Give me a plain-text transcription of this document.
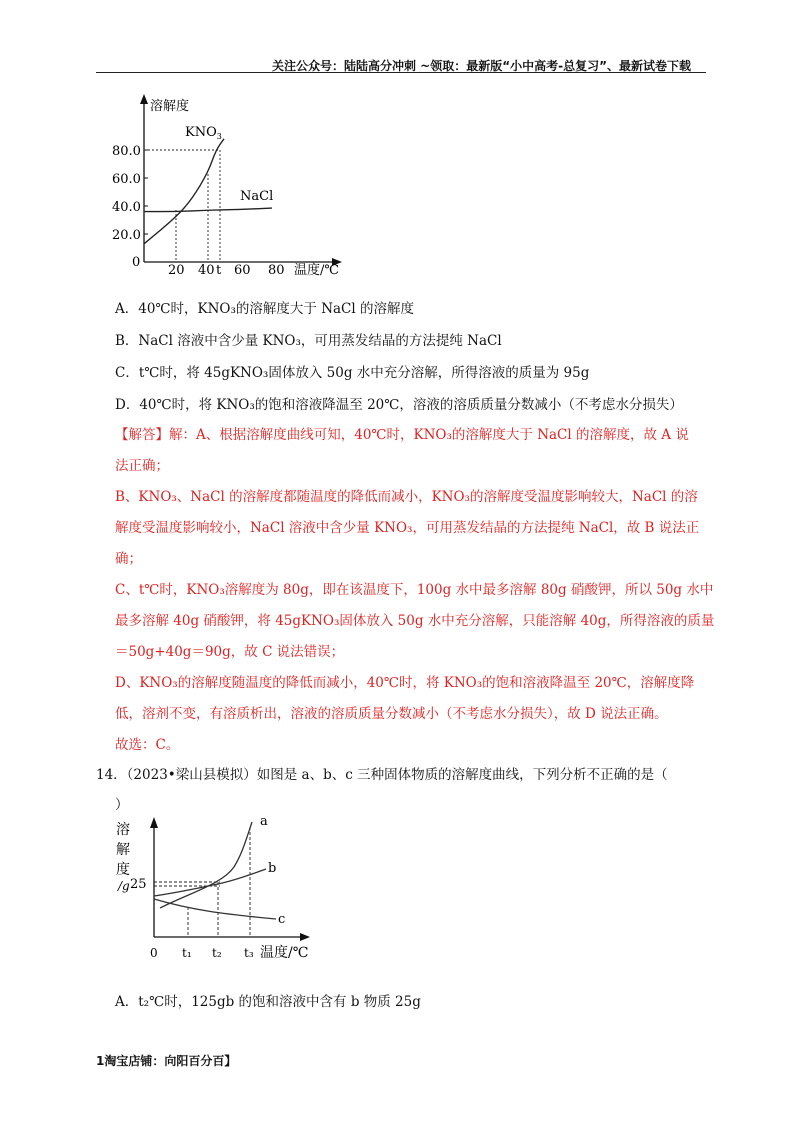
关注公众号：陆陆高分冲刺 ~领取：最新版“小中高考-总复习”、最新试卷下载
溶解度
80.0
60.0
40.0
20.0
0
20 40 t 60 80 温度/℃
$KNO_3$
NaCl
A．40℃时，KNO₃的溶解度大于 NaCl 的溶解度
B．NaCl 溶液中含少量 KNO₃，可用蒸发结晶的方法提纯 NaCl
C．t℃时，将 45gKNO₃固体放入 50g 水中充分溶解，所得溶液的质量为 95g
D．40℃时，将 KNO₃的饱和溶液降温至 20℃，溶液的溶质质量分数减小（不考虑水分损失）
【解答】解：A、根据溶解度曲线可知，40℃时，KNO₃的溶解度大于 NaCl 的溶解度，故 A 说
法正确；
B、KNO₃、NaCl 的溶解度都随温度的降低而减小，KNO₃的溶解度受温度影响较大，NaCl 的溶
解度受温度影响较小，NaCl 溶液中含少量 KNO₃，可用蒸发结晶的方法提纯 NaCl，故 B 说法正
确；
C、t℃时，KNO₃溶解度为 80g，即在该温度下，100g 水中最多溶解 80g 硝酸钾，所以 50g 水中
最多溶解 40g 硝酸钾，将 45gKNO₃固体放入 50g 水中充分溶解，只能溶解 40g，所得溶液的质量
＝50g+40g＝90g，故 C 说法错误；
D、KNO₃的溶解度随温度的降低而减小，40℃时，将 KNO₃的饱和溶液降温至 20℃，溶解度降
低，溶剂不变，有溶质析出，溶液的溶质质量分数减小（不考虑水分损失），故 D 说法正确。
故选：C。
14．（2023•梁山县模拟）如图是 a、b、c 三种固体物质的溶解度曲线，下列分析不正确的是（
）
溶
解
度
/g 25
0 t₁ t₂ t₃ 温度/℃
a
b
c
A．t₂℃时，125gb 的饱和溶液中含有 b 物质 25g
1淘宝店铺：向阳百分百】
